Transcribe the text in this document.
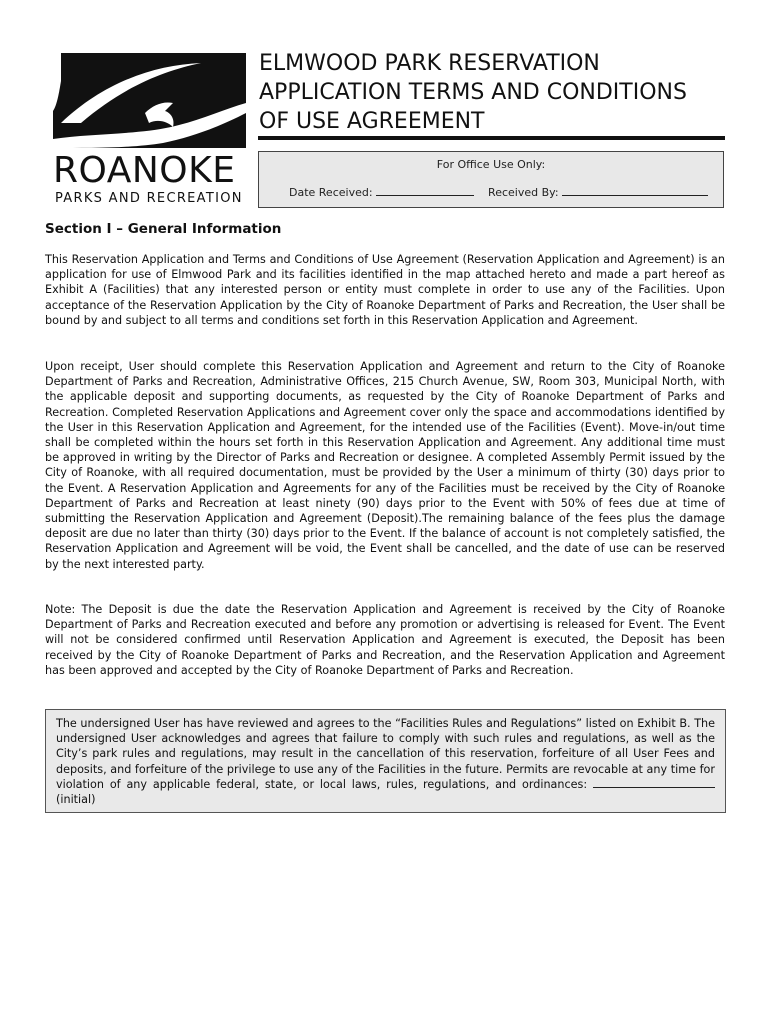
ROANOKE
PARKS AND RECREATION
ELMWOOD PARK RESERVATION
APPLICATION TERMS AND CONDITIONS
OF USE AGREEMENT
For Office Use Only:
Date Received:	Received By:
Section I – General Information

This Reservation Application and Terms and Conditions of Use Agreement (Reservation Application and Agreement) is an application for use of Elmwood Park and its facilities identified in the map attached hereto and made a part hereof as Exhibit A (Facilities) that any interested person or entity must complete in order to use any of the Facilities. Upon acceptance of the Reservation Application by the City of Roanoke Department of Parks and Recreation, the User shall be bound by and subject to all terms and conditions set forth in this Reservation Application and Agreement.

Upon receipt, User should complete this Reservation Application and Agreement and return to the City of Roanoke Department of Parks and Recreation, Administrative Offices, 215 Church Avenue, SW, Room 303, Municipal North, with the applicable deposit and supporting documents, as requested by the City of Roanoke Department of Parks and Recreation. Completed Reservation Applications and Agreement cover only the space and accommodations identified by the User in this Reservation Application and Agreement, for the intended use of the Facilities (Event). Move-in/out time shall be completed within the hours set forth in this Reservation Application and Agreement. Any additional time must be approved in writing by the Director of Parks and Recreation or designee. A completed Assembly Permit issued by the City of Roanoke, with all required documentation, must be provided by the User a minimum of thirty (30) days prior to the Event. A Reservation Application and Agreements for any of the Facilities must be received by the City of Roanoke Department of Parks and Recreation at least ninety (90) days prior to the Event with 50% of fees due at time of submitting the Reservation Application and Agreement (Deposit).The remaining balance of the fees plus the damage deposit are due no later than thirty (30) days prior to the Event. If the balance of account is not completely satisfied, the Reservation Application and Agreement will be void, the Event shall be cancelled, and the date of use can be reserved by the next interested party.

Note: The Deposit is due the date the Reservation Application and Agreement is received by the City of Roanoke Department of Parks and Recreation executed and before any promotion or advertising is released for Event. The Event will not be considered confirmed until Reservation Application and Agreement is executed, the Deposit has been received by the City of Roanoke Department of Parks and Recreation, and the Reservation Application and Agreement has been approved and accepted by the City of Roanoke Department of Parks and Recreation.

The undersigned User has have reviewed and agrees to the “Facilities Rules and Regulations” listed on Exhibit B. The undersigned User acknowledges and agrees that failure to comply with such rules and regulations, as well as the City’s park rules and regulations, may result in the cancellation of this reservation, forfeiture of all User Fees and deposits, and forfeiture of the privilege to use any of the Facilities in the future. Permits are revocable at any time for violation of any applicable federal, state, or local laws, rules, regulations, and ordinances: (initial)
